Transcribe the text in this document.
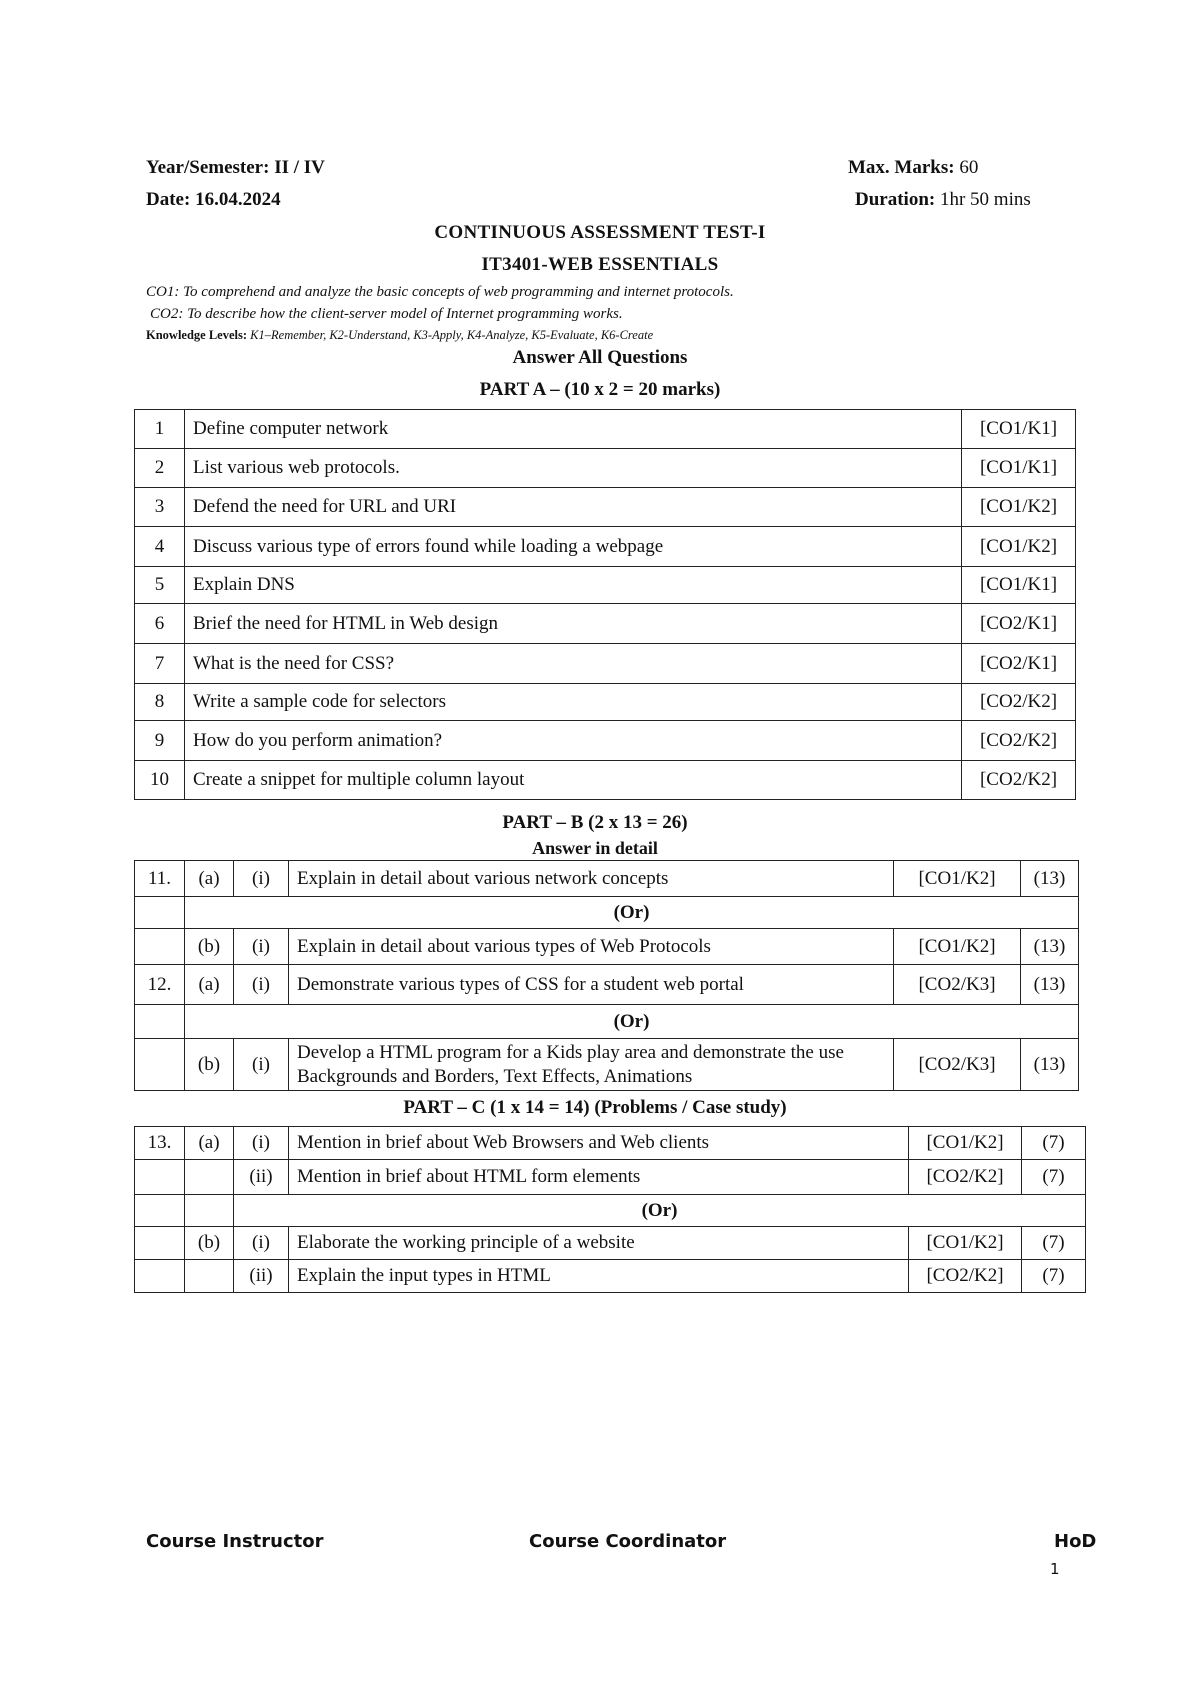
Year/Semester: II / IV	Max. Marks: 60
Date: 16.04.2024	Duration: 1hr 50 mins
CONTINUOUS ASSESSMENT TEST-I
IT3401-WEB ESSENTIALS
CO1: To comprehend and analyze the basic concepts of web programming and internet protocols.
CO2: To describe how the client-server model of Internet programming works.
Knowledge Levels: K1–Remember, K2-Understand, K3-Apply, K4-Analyze, K5-Evaluate, K6-Create
Answer All Questions
PART A – (10 x 2 = 20 marks)
1	Define computer network	[CO1/K1]
2	List various web protocols.	[CO1/K1]
3	Defend the need for URL and URI	[CO1/K2]
4	Discuss various type of errors found while loading a webpage	[CO1/K2]
5	Explain DNS	[CO1/K1]
6	Brief the need for HTML in Web design	[CO2/K1]
7	What is the need for CSS?	[CO2/K1]
8	Write a sample code for selectors	[CO2/K2]
9	How do you perform animation?	[CO2/K2]
10	Create a snippet for multiple column layout	[CO2/K2]
PART – B (2 x 13 = 26)
Answer in detail
11.	(a)	(i)	Explain in detail about various network concepts	[CO1/K2]	(13)
	(Or)				
	(b)	(i)	Explain in detail about various types of Web Protocols	[CO1/K2]	(13)
12.	(a)	(i)	Demonstrate various types of CSS for a student web portal	[CO2/K3]	(13)
	(Or)				
	(b)	(i)	Develop a HTML program for a Kids play area and demonstrate the use Backgrounds and Borders, Text Effects, Animations	[CO2/K3]	(13)
PART – C (1 x 14 = 14) (Problems / Case study)
13.	(a)	(i)	Mention in brief about Web Browsers and Web clients	[CO1/K2]	(7)
		(ii)	Mention in brief about HTML form elements	[CO2/K2]	(7)
		(Or)			
	(b)	(i)	Elaborate the working principle of a website	[CO1/K2]	(7)
		(ii)	Explain the input types in HTML	[CO2/K2]	(7)
Course Instructor	Course Coordinator	HoD
1
